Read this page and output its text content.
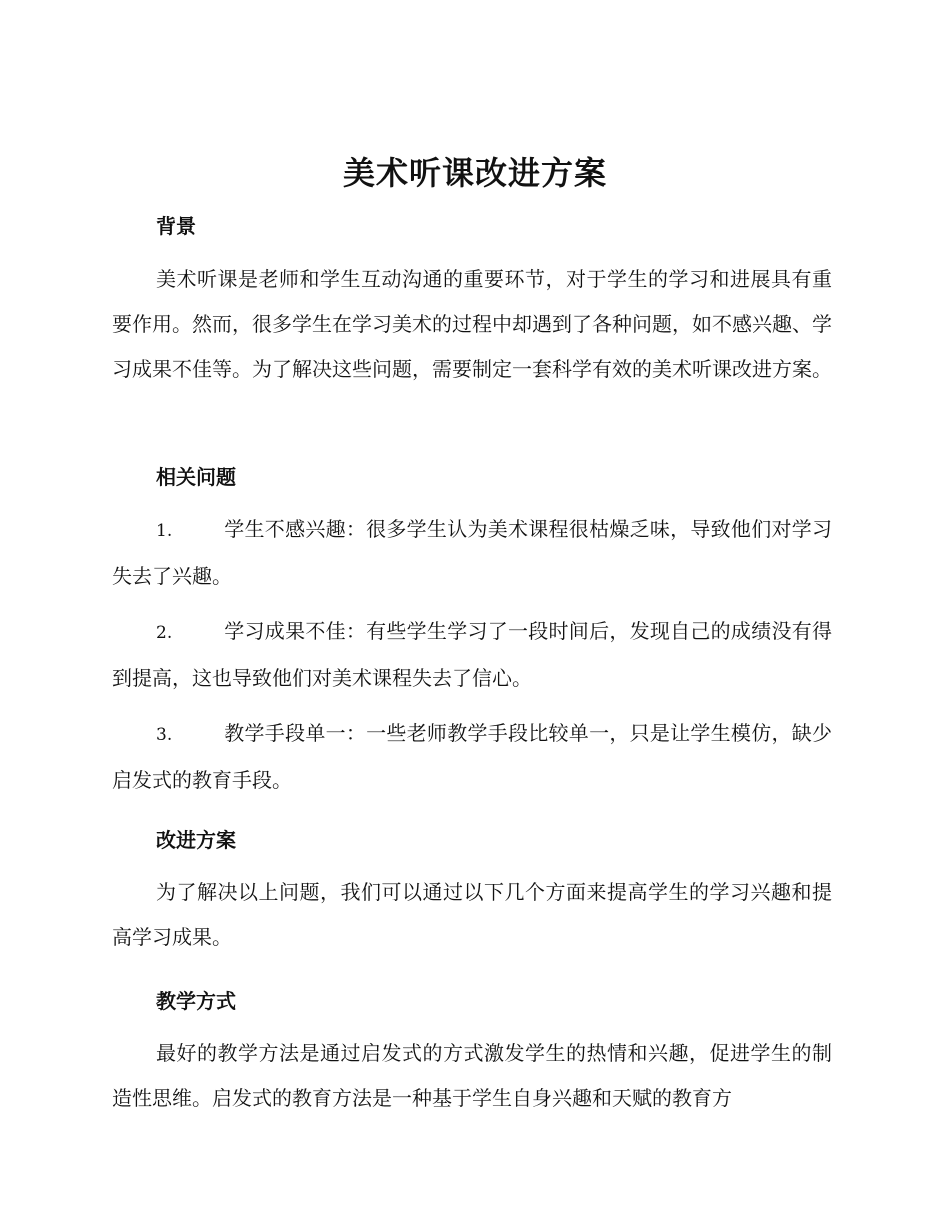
美术听课改进方案
背景
美术听课是老师和学生互动沟通的重要环节，对于学生的学习和进展具有重要作用。然而，很多学生在学习美术的过程中却遇到了各种问题，如不感兴趣、学习成果不佳等。为了解决这些问题，需要制定一套科学有效的美术听课改进方案。
相关问题
1.	学生不感兴趣：很多学生认为美术课程很枯燥乏味，导致他们对学习失去了兴趣。
2.	学习成果不佳：有些学生学习了一段时间后，发现自己的成绩没有得到提高，这也导致他们对美术课程失去了信心。
3.	教学手段单一：一些老师教学手段比较单一，只是让学生模仿，缺少启发式的教育手段。
改进方案
为了解决以上问题，我们可以通过以下几个方面来提高学生的学习兴趣和提高学习成果。
教学方式
最好的教学方法是通过启发式的方式激发学生的热情和兴趣，促进学生的制造性思维。启发式的教育方法是一种基于学生自身兴趣和天赋的教育方
